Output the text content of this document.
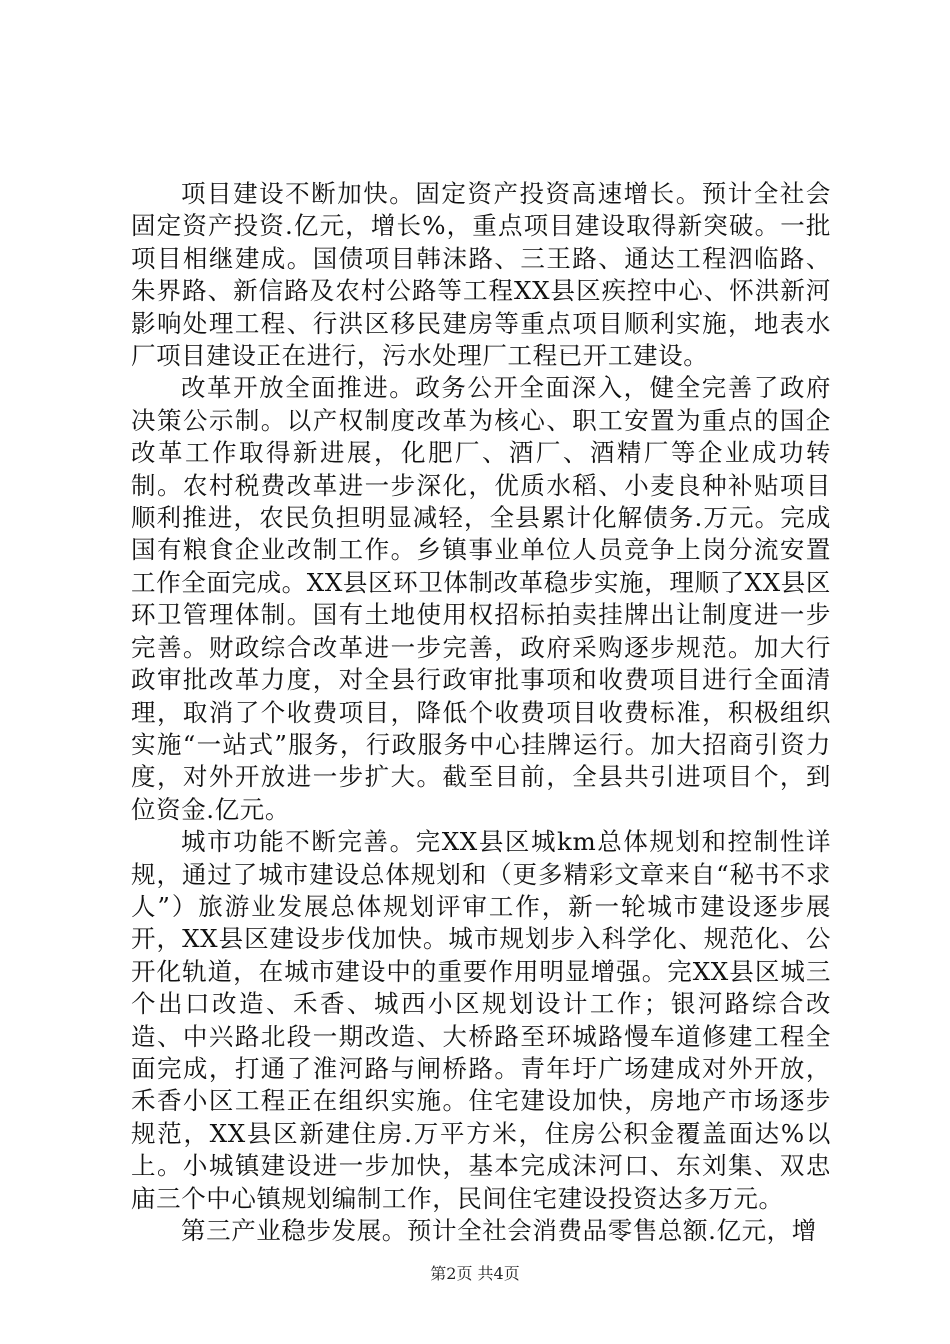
项目建设不断加快。固定资产投资高速增长。预计全社会固定资产投资.亿元，增长%，重点项目建设取得新突破。一批项目相继建成。国债项目韩沫路、三王路、通达工程泗临路、朱界路、新信路及农村公路等工程XX县区疾控中心、怀洪新河影响处理工程、行洪区移民建房等重点项目顺利实施，地表水厂项目建设正在进行，污水处理厂工程已开工建设。

改革开放全面推进。政务公开全面深入，健全完善了政府决策公示制。以产权制度改革为核心、职工安置为重点的国企改革工作取得新进展，化肥厂、酒厂、酒精厂等企业成功转制。农村税费改革进一步深化，优质水稻、小麦良种补贴项目顺利推进，农民负担明显减轻，全县累计化解债务.万元。完成国有粮食企业改制工作。乡镇事业单位人员竞争上岗分流安置工作全面完成。XX县区环卫体制改革稳步实施，理顺了XX县区环卫管理体制。国有土地使用权招标拍卖挂牌出让制度进一步完善。财政综合改革进一步完善，政府采购逐步规范。加大行政审批改革力度，对全县行政审批事项和收费项目进行全面清理，取消了个收费项目，降低个收费项目收费标准，积极组织实施“一站式”服务，行政服务中心挂牌运行。加大招商引资力度，对外开放进一步扩大。截至目前，全县共引进项目个，到位资金.亿元。

城市功能不断完善。完XX县区城km总体规划和控制性详规，通过了城市建设总体规划和（更多精彩文章来自“秘书不求人”）旅游业发展总体规划评审工作，新一轮城市建设逐步展开，XX县区建设步伐加快。城市规划步入科学化、规范化、公开化轨道，在城市建设中的重要作用明显增强。完XX县区城三个出口改造、禾香、城西小区规划设计工作；银河路综合改造、中兴路北段一期改造、大桥路至环城路慢车道修建工程全面完成，打通了淮河路与闸桥路。青年圩广场建成对外开放，禾香小区工程正在组织实施。住宅建设加快，房地产市场逐步规范，XX县区新建住房.万平方米，住房公积金覆盖面达%以上。小城镇建设进一步加快，基本完成沫河口、东刘集、双忠庙三个中心镇规划编制工作，民间住宅建设投资达多万元。

第三产业稳步发展。预计全社会消费品零售总额.亿元，增

第2页 共4页
